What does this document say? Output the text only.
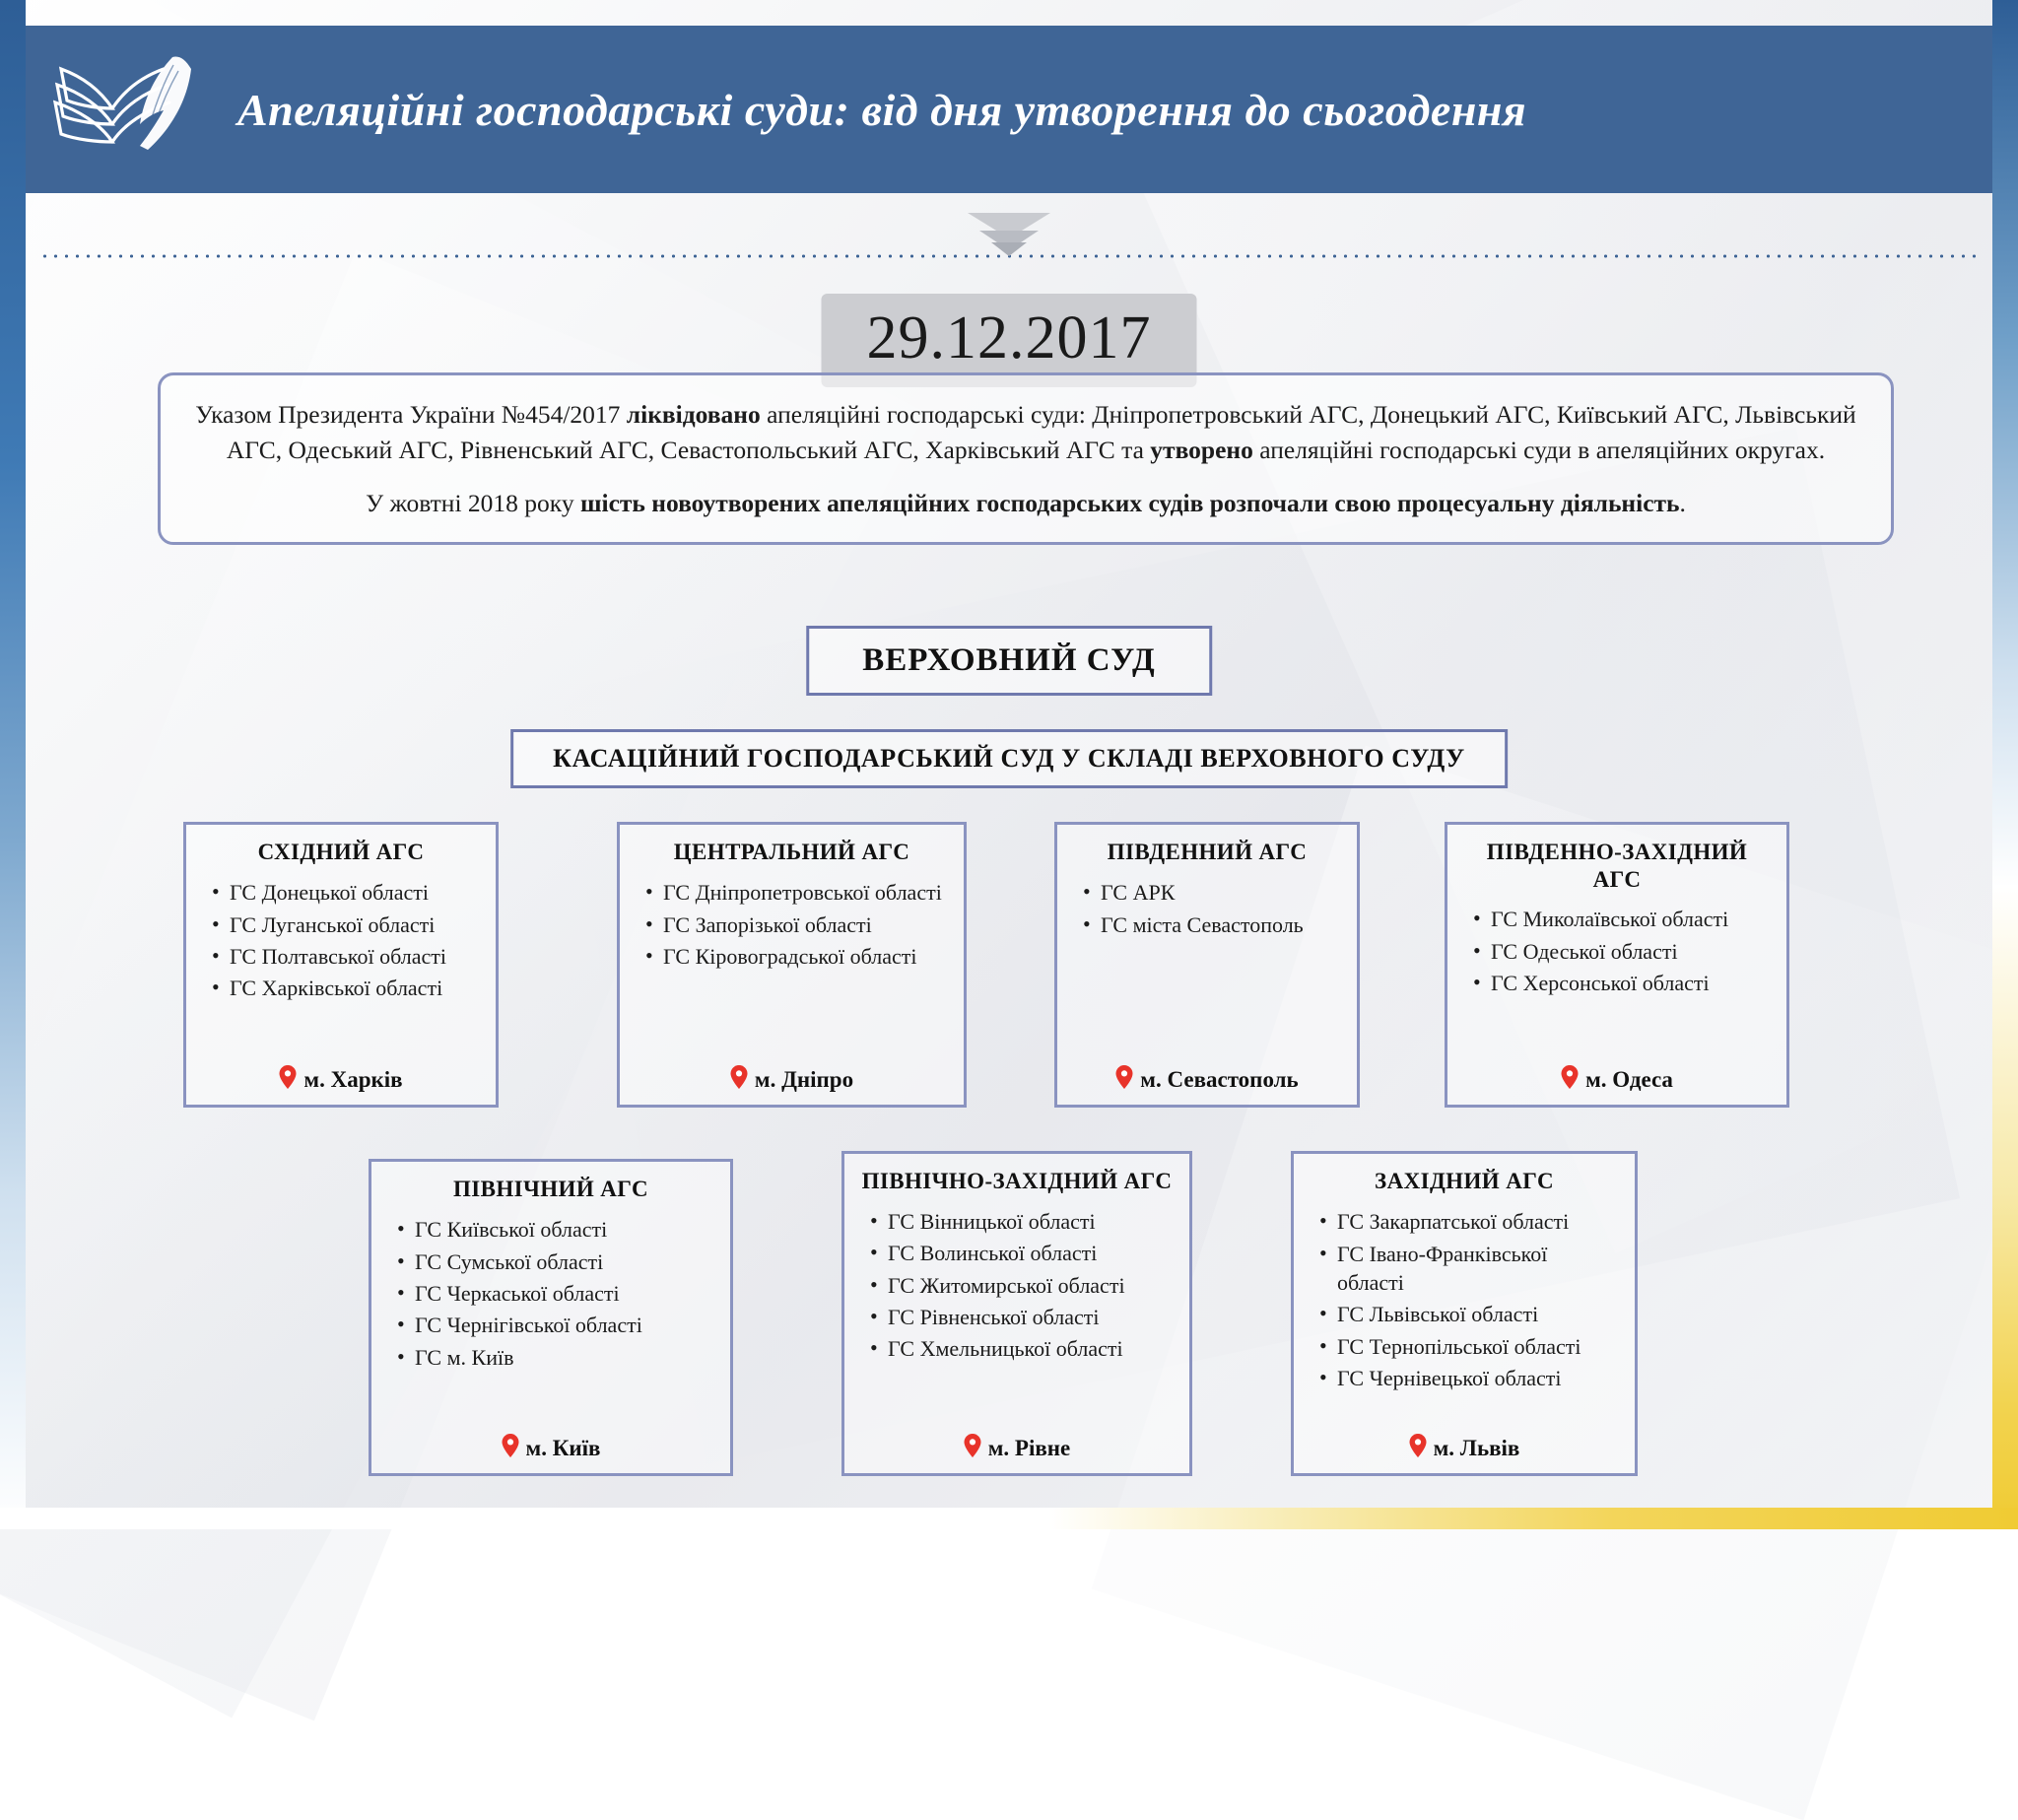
Апеляційні господарські суди: від дня утворення до сьогодення
29.12.2017

Указом Президента України №454/2017 ліквідовано апеляційні господарські суди: Дніпропетровський АГС, Донецький АГС, Київський АГС, Львівський АГС, Одеський АГС, Рівненський АГС, Севастопольський АГС, Харківський АГС та утворено апеляційні господарські суди в апеляційних округах.

У жовтні 2018 року шість новоутворених апеляційних господарських судів розпочали свою процесуальну діяльність.

ВЕРХОВНИЙ СУД
КАСАЦІЙНИЙ ГОСПОДАРСЬКИЙ СУД У СКЛАДІ ВЕРХОВНОГО СУДУ
СХІДНИЙ АГС
• ГС Донецької області
• ГС Луганської області
• ГС Полтавської області
• ГС Харківської області
м. Харків
ЦЕНТРАЛЬНИЙ АГС
• ГС Дніпропетровської області
• ГС Запорізької області
• ГС Кіровоградської області
м. Дніпро
ПІВДЕННИЙ АГС
• ГС АРК
• ГС міста Севастополь
м. Севастополь
ПІВДЕННО-ЗАХІДНИЙ АГС
• ГС Миколаївської області
• ГС Одеської області
• ГС Херсонської області
м. Одеса
ПІВНІЧНИЙ АГС
• ГС Київської області
• ГС Сумської області
• ГС Черкаської області
• ГС Чернігівської області
• ГС м. Київ
м. Київ
ПІВНІЧНО-ЗАХІДНИЙ АГС
• ГС Вінницької області
• ГС Волинської області
• ГС Житомирської області
• ГС Рівненської області
• ГС Хмельницької області
м. Рівне
ЗАХІДНИЙ АГС
• ГС Закарпатської області
• ГС Івано-Франківської області
• ГС Львівської області
• ГС Тернопільської області
• ГС Чернівецької області
м. Львів
